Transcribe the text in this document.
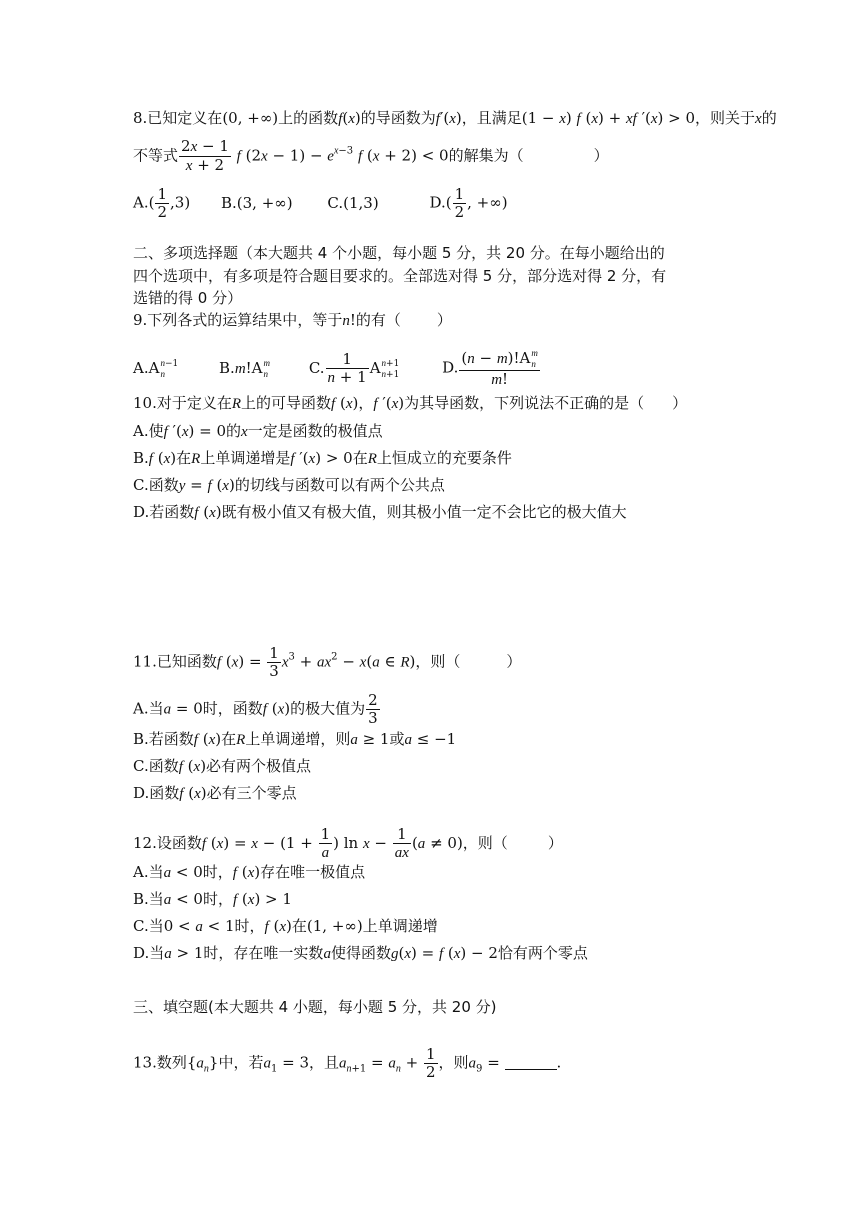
8.已知定义在(0, +∞)上的函数f(x)的导函数为f′(x)，且满足(1 − x) f (x) + xf ′(x) > 0，则关于x的
不等式 $\frac{2x - 1}{x + 2}$ f $(2x - 1) - e^{x-3}$ f (x + 2) < 0的解集为（	）
$A.( \frac{1}{2} ,3)$ B.(3, +∞) C.(1,3)	$D.( \frac{1}{2}$ , +∞)
二、多项选择题（本大题共 4 个小题，每小题 5 分，共 20 分。在每小题给出的
四个选项中，有多项是符合题目要求的。全部选对得 5 分，部分选对得 2 分，有
选错的得 0 分）
9.下列各式的运算结果中，等于n!的有（ ）
A.A n−1
n	B.m!A m
n	C. $\frac{1}{n + 1}$ A n+1
n+1	D. (n − m)!A m
n
m!
10.对于定义在R上的可导函数f (x)，f ′(x)为其导函数，下列说法不正确的是（ ）
A.使f ′(x) = 0的x一定是函数的极值点
B.f (x)在R上单调递增是f ′(x) > 0在R上恒成立的充要条件
C.函数y = f (x)的切线与函数可以有两个公共点
D.若函数f (x)既有极小值又有极大值，则其极小值一定不会比它的极大值大
11.已知函数f $(x) = \frac{1}{3} x^3 + ax^2 - x(a$ ∈ R)，则（	）
A.当a = 0时，函数f (x)的极大值为 $\frac{2}{3}$
B.若函数f (x)在R上单调递增，则a ≥ 1或a ≤ −1
C.函数f (x)必有两个极值点
D.函数f (x)必有三个零点
12.设函数f $(x) = x - (1 + \frac{1}{a}$ ) $\ln x - \frac{1}{ax} (a \ne 0)$，则（	）
A.当a < 0时，f (x)存在唯一极值点
B.当a < 0时，f (x) > 1
C.当0 < a < 1时，f (x)在(1, +∞)上单调递增
D.当a > 1时，存在唯一实数a使得函数g(x) = f (x) − 2恰有两个零点
三、填空题(本大题共 4 小题，每小题 5 分，共 20 分)
13.数列$\{a_n\}$中，若$a_1 = 3$，且$a_{n+1} = a_n + \frac{1}{2}$ ，则$a_9$ =	.
